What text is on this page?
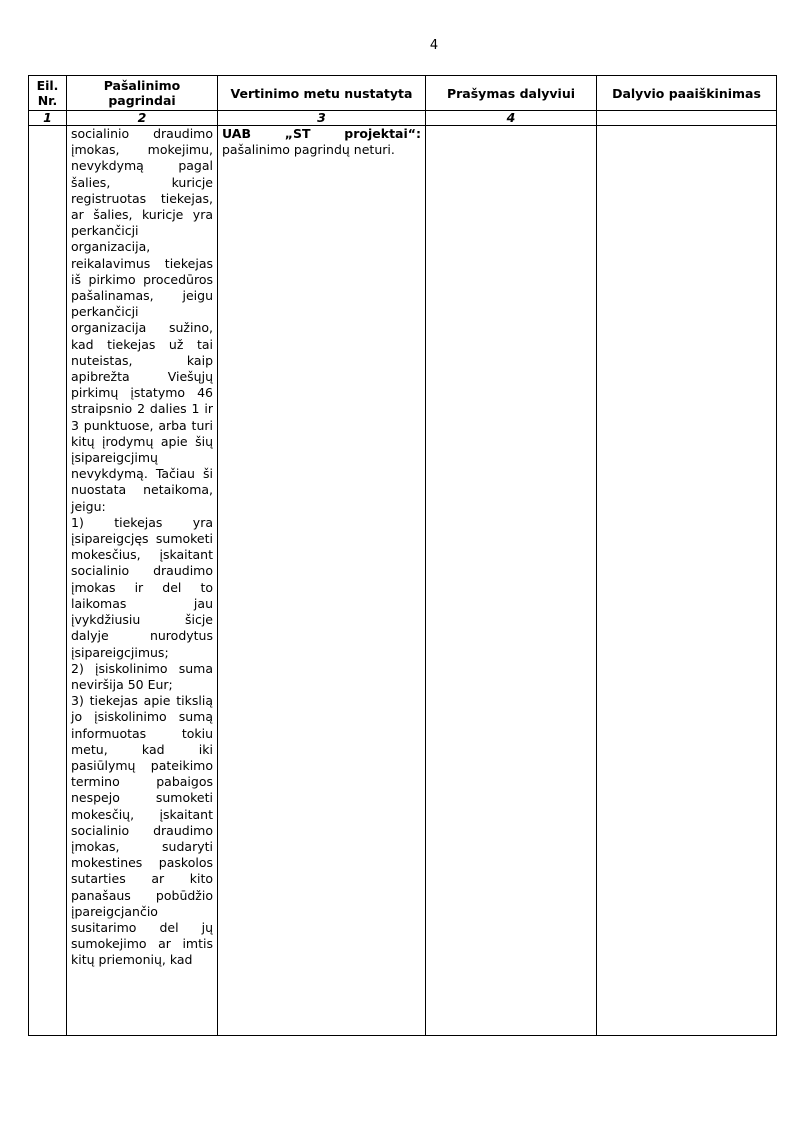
4
Eil. Nr.	Pašalinimo pagrindai	Vertinimo metu nustatyta	Prašymas dalyviui	Dalyvio paaiškinimas
1	2	3	4	

	socialinio draudimo įmokas, mokejimu, nevykdymą pagal šalies, kuricje registruotas tiekejas, ar šalies, kuricje yra perkančicji organizacija, reikalavimus tiekejas iš pirkimo procedūros pašalinamas, jeigu perkančicji organizacija sužino, kad tiekejas už tai nuteistas, kaip apibrežta Viešųjų pirkimų įstatymo 46 straipsnio 2 dalies 1 ir 3 punktuose, arba turi kitų įrodymų apie šių įsipareigcjimų nevykdymą. Tačiau ši nuostata netaikoma, jeigu:

1) tiekejas yra įsipareigcjęs sumoketi mokesčius, įskaitant socialinio draudimo įmokas ir del to laikomas jau įvykdžiusiu šicje dalyje nurodytus įsipareigcjimus;

2) įsiskolinimo suma neviršija 50 Eur;

3) tiekejas apie tikslią jo įsiskolinimo sumą informuotas tokiu metu, kad iki pasiūlymų pateikimo termino pabaigos nespejo sumoketi mokesčių, įskaitant socialinio draudimo įmokas, sudaryti mokestines paskolos sutarties ar kito panašaus pobūdžio įpareigcjančio susitarimo del jų sumokejimo ar imtis kitų priemonių, kad	UAB „ST projektai“: pašalinimo pagrindų neturi.		
